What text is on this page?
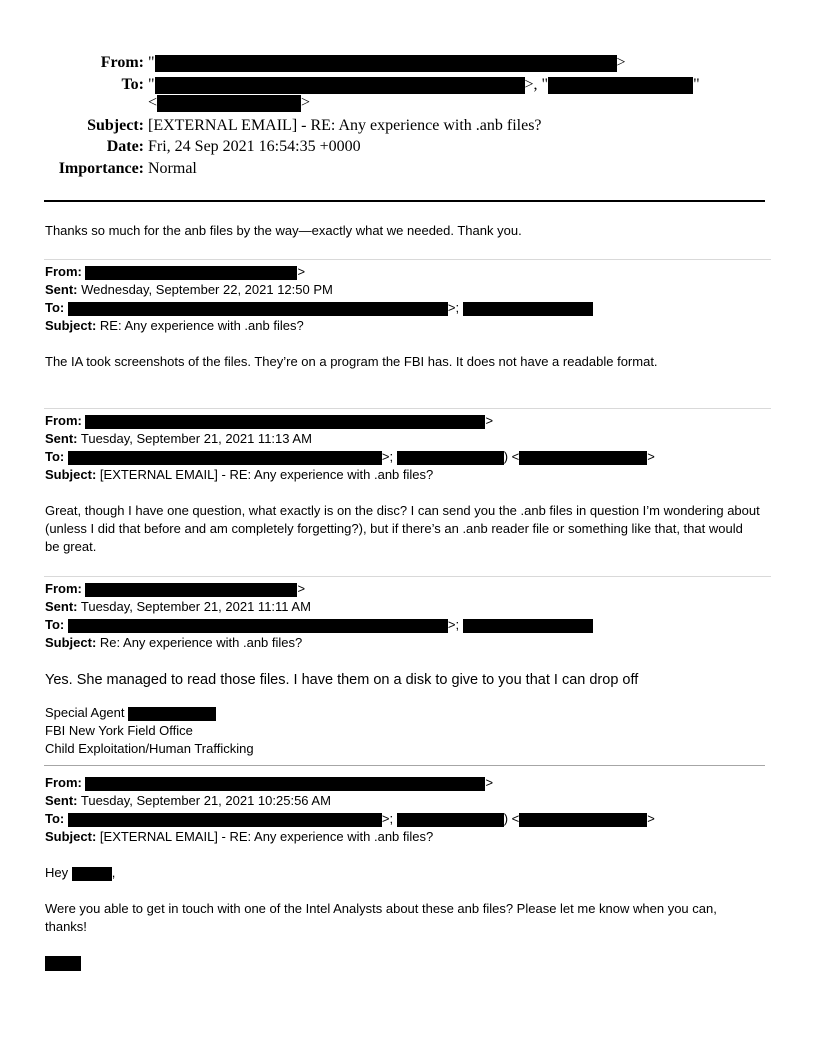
From: "	>
To: "	>, "	"
<	>
Subject: [EXTERNAL EMAIL] - RE: Any experience with .anb files?
Date: Fri, 24 Sep 2021 16:54:35 +0000
Importance: Normal
Thanks so much for the anb files by the way—exactly what we needed. Thank you.
From:	>
Sent: Wednesday, September 22, 2021 12:50 PM
To:	>;
Subject: RE: Any experience with .anb files?
The IA took screenshots of the files. They’re on a program the FBI has. It does not have a readable format.
From:	>
Sent: Tuesday, September 21, 2021 11:13 AM
To:	>;	) <	>
Subject: [EXTERNAL EMAIL] - RE: Any experience with .anb files?
Great, though I have one question, what exactly is on the disc? I can send you the .anb files in question I’m wondering about (unless I did that before and am completely forgetting?), but if there’s an .anb reader file or something like that, that would be great.
From:	>
Sent: Tuesday, September 21, 2021 11:11 AM
To:	>;
Subject: Re: Any experience with .anb files?
Yes. She managed to read those files. I have them on a disk to give to you that I can drop off
Special Agent
FBI New York Field Office
Child Exploitation/Human Trafficking
From:	>
Sent: Tuesday, September 21, 2021 10:25:56 AM
To:	>;	) <	>
Subject: [EXTERNAL EMAIL] - RE: Any experience with .anb files?
Hey	,
Were you able to get in touch with one of the Intel Analysts about these anb files? Please let me know when you can, thanks!
